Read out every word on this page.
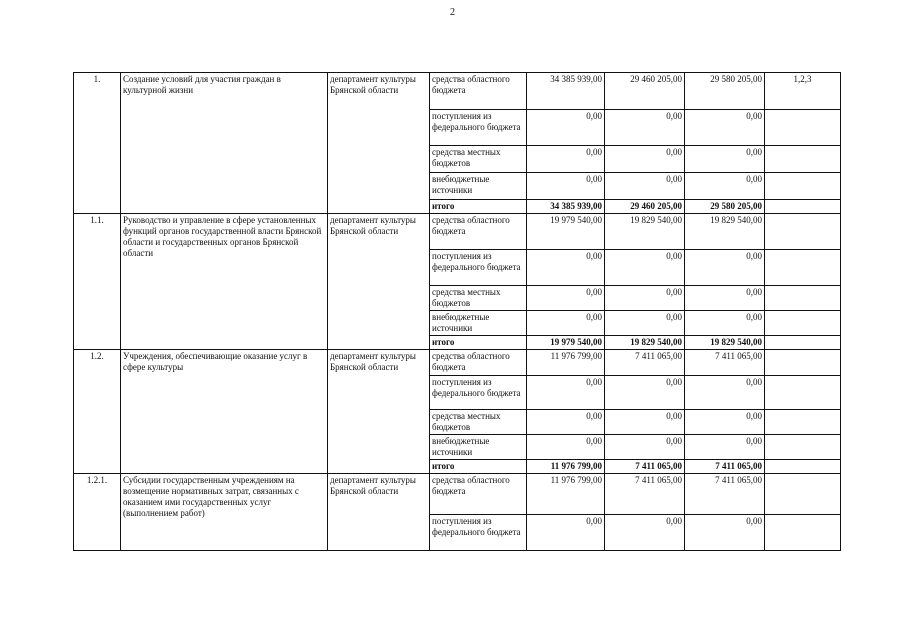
2
1.	Создание условий для участия граждан в культурной жизни	департамент культуры Брянской области	средства областного бюджета	34 385 939,00	29 460 205,00	29 580 205,00	1,2,3
			поступления из федерального бюджета	0,00	0,00	0,00	
			средства местных бюджетов	0,00	0,00	0,00	
			внебюджетные источники	0,00	0,00	0,00	
			итого	34 385 939,00	29 460 205,00	29 580 205,00	
1.1.	Руководство и управление в сфере установленных функций органов государственной власти Брянской области и государственных органов Брянской области	департамент культуры Брянской области	средства областного бюджета	19 979 540,00	19 829 540,00	19 829 540,00	
			поступления из федерального бюджета	0,00	0,00	0,00	
			средства местных бюджетов	0,00	0,00	0,00	
			внебюджетные источники	0,00	0,00	0,00	
			итого	19 979 540,00	19 829 540,00	19 829 540,00	
1.2.	Учреждения, обеспечивающие оказание услуг в сфере культуры	департамент культуры Брянской области	средства областного бюджета	11 976 799,00	7 411 065,00	7 411 065,00	
			поступления из федерального бюджета	0,00	0,00	0,00	
			средства местных бюджетов	0,00	0,00	0,00	
			внебюджетные источники	0,00	0,00	0,00	
			итого	11 976 799,00	7 411 065,00	7 411 065,00	
1.2.1.	Субсидии государственным учреждениям на возмещение нормативных затрат, связанных с оказанием ими государственных услуг (выполнением работ)	департамент культуры Брянской области	средства областного бюджета	11 976 799,00	7 411 065,00	7 411 065,00	
			поступления из федерального бюджета	0,00	0,00	0,00	
